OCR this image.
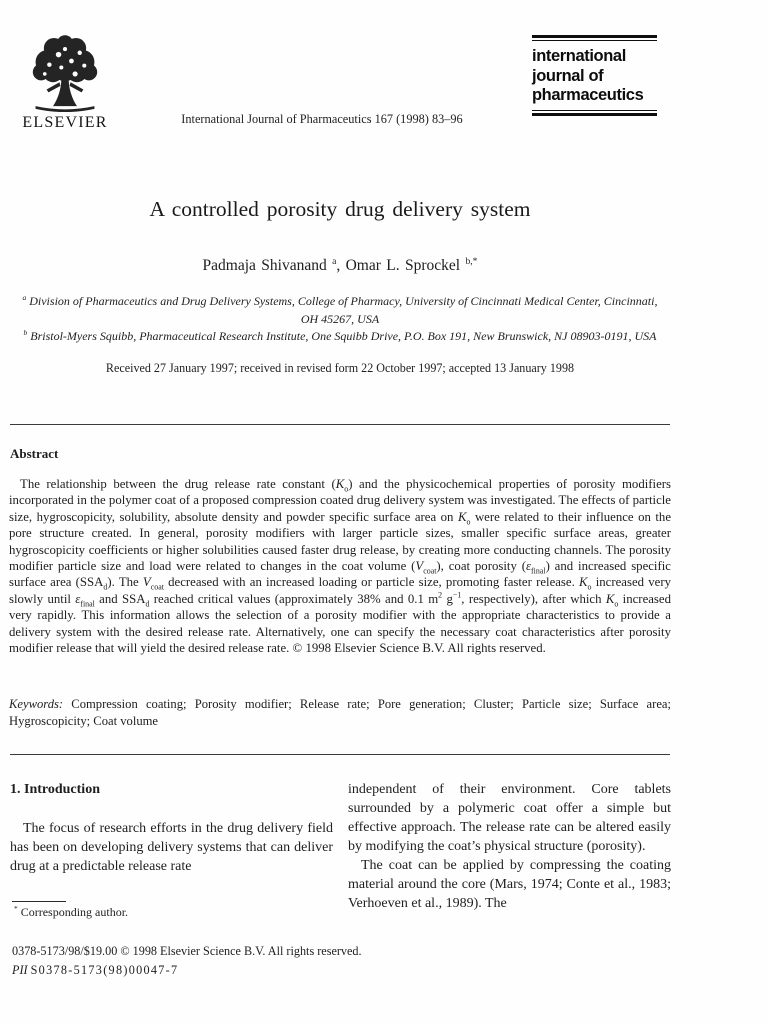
ELSEVIER	International Journal of Pharmaceutics 167 (1998) 83–96
international
journal of
pharmaceutics
A controlled porosity drug delivery system
Padmaja Shivanand $^a$, Omar L. Sprockel $^{b,*}$
$^a$ Division of Pharmaceutics and Drug Delivery Systems, College of Pharmacy, University of Cincinnati Medical Center, Cincinnati,
OH 45267, USA
$^b$ Bristol-Myers Squibb, Pharmaceutical Research Institute, One Squibb Drive, P.O. Box 191, New Brunswick, NJ 08903-0191, USA
Received 27 January 1997; received in revised form 22 October 1997; accepted 13 January 1998
Abstract

The relationship between the drug release rate constant $(K_o)$ and the physicochemical properties of porosity modifiers incorporated in the polymer coat of a proposed compression coated drug delivery system was investigated. The effects of particle size, hygroscopicity, solubility, absolute density and powder specific surface area on $K_o$ were related to their influence on the pore structure created. In general, porosity modifiers with larger particle sizes, smaller specific surface areas, greater hygroscopicity coefficients or higher solubilities caused faster drug release, by creating more conducting channels. The porosity modifier particle size and load were related to changes in the coat volume $(V_{coat})$, coat porosity $(\varepsilon_{final})$ and increased specific surface area $(SSA_d)$. The $V_{coat}$ decreased with an increased loading or particle size, promoting faster release. $K_o$ increased very slowly until $\varepsilon_{final}$ and $SSA_d$ reached critical values (approximately 38% and 0.1 $m^2$ $g^{-1}$, respectively), after which $K_o$ increased very rapidly. This information allows the selection of a porosity modifier with the appropriate characteristics to provide a delivery system with the desired release rate. Alternatively, one can specify the necessary coat characteristics after porosity modifier release that will yield the desired release rate. © 1998 Elsevier Science B.V. All rights reserved.

Keywords: Compression coating; Porosity modifier; Release rate; Pore generation; Cluster; Particle size; Surface area; Hygroscopicity; Coat volume

1. Introduction

The focus of research efforts in the drug delivery field has been on developing delivery systems that can deliver drug at a predictable release rate

independent of their environment. Core tablets surrounded by a polymeric coat offer a simple but effective approach. The release rate can be altered easily by modifying the coat’s physical structure (porosity).

The coat can be applied by compressing the coating material around the core (Mars, 1974; Conte et al., 1983; Verhoeven et al., 1989). The

* Corresponding author.
0378-5173/98/$19.00 © 1998 Elsevier Science B.V. All rights reserved.
PII S0378-5173(98)00047-7
